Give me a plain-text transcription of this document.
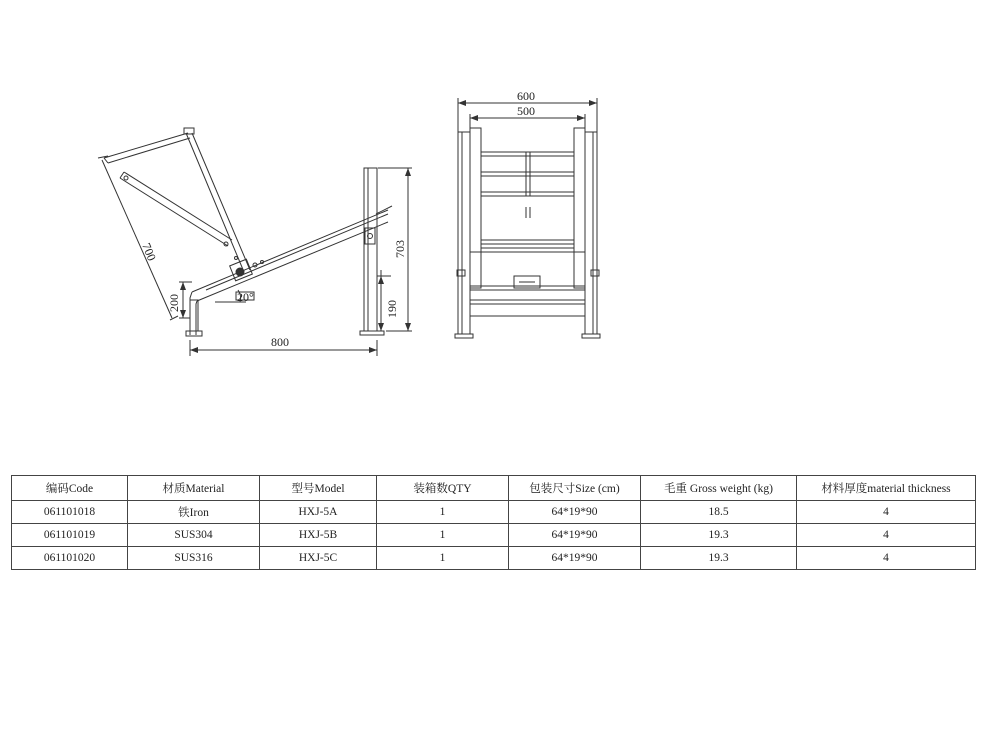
800
700
200
703
190
20°
600
500
编码Code	材质Material	型号Model	装箱数QTY	包装尺寸Size (cm)	毛重 Gross weight (kg)	材料厚度material thickness
061101018	铁Iron	HXJ-5A	1	64*19*90	18.5	4
061101019	SUS304	HXJ-5B	1	64*19*90	19.3	4
061101020	SUS316	HXJ-5C	1	64*19*90	19.3	4
